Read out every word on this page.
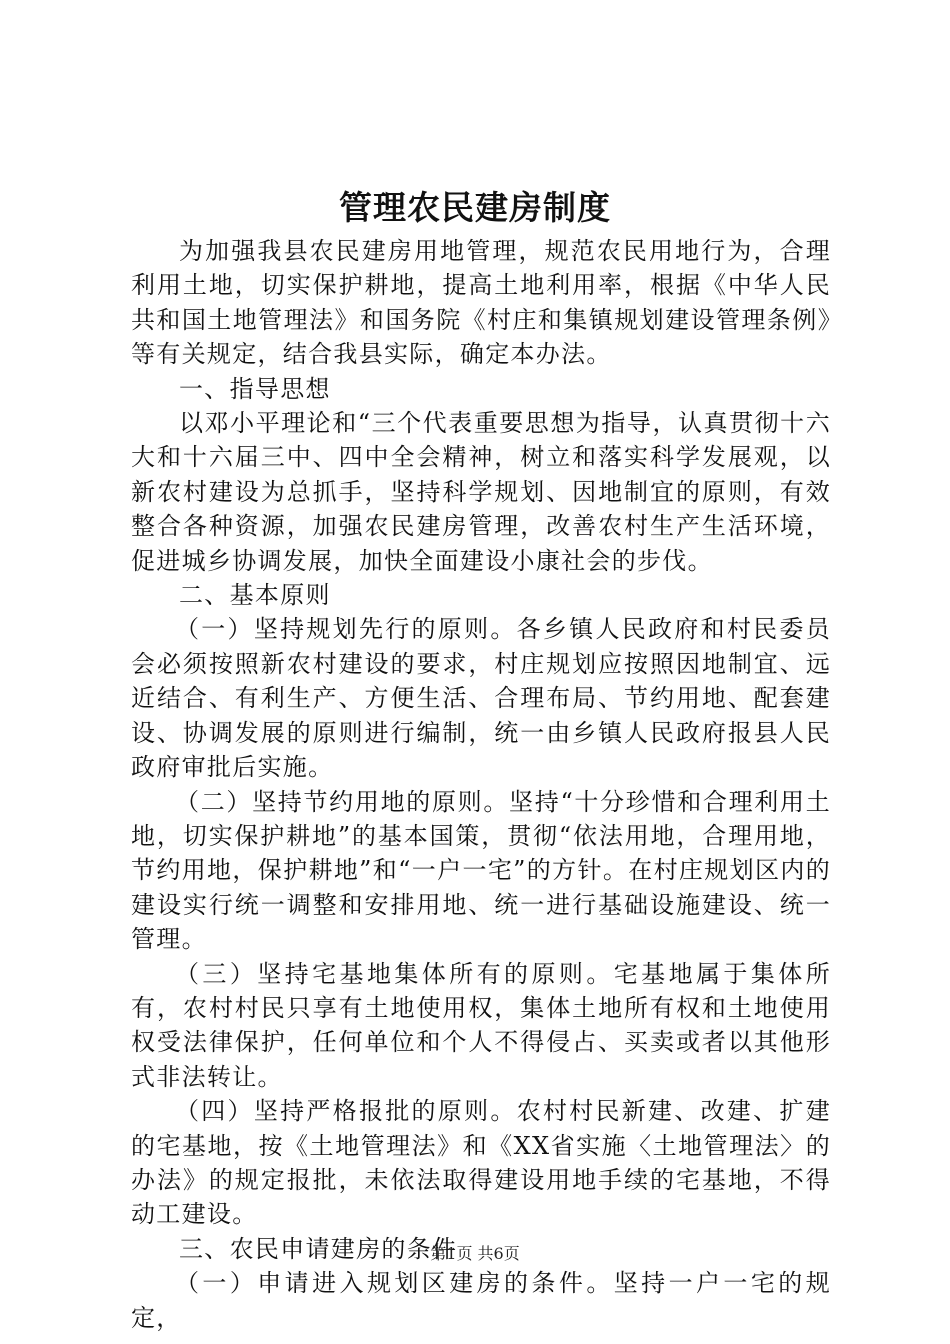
管理农民建房制度

为加强我县农民建房用地管理，规范农民用地行为，合理利用土地，切实保护耕地，提高土地利用率，根据《中华人民共和国土地管理法》和国务院《村庄和集镇规划建设管理条例》等有关规定，结合我县实际，确定本办法。

一、指导思想

以邓小平理论和“三个代表重要思想为指导，认真贯彻十六大和十六届三中、四中全会精神，树立和落实科学发展观，以新农村建设为总抓手，坚持科学规划、因地制宜的原则，有效整合各种资源，加强农民建房管理，改善农村生产生活环境，促进城乡协调发展，加快全面建设小康社会的步伐。

二、基本原则

（一）坚持规划先行的原则。各乡镇人民政府和村民委员会必须按照新农村建设的要求，村庄规划应按照因地制宜、远近结合、有利生产、方便生活、合理布局、节约用地、配套建设、协调发展的原则进行编制，统一由乡镇人民政府报县人民政府审批后实施。

（二）坚持节约用地的原则。坚持“十分珍惜和合理利用土地，切实保护耕地”的基本国策，贯彻“依法用地，合理用地，节约用地，保护耕地”和“一户一宅”的方针。在村庄规划区内的建设实行统一调整和安排用地、统一进行基础设施建设、统一管理。

（三）坚持宅基地集体所有的原则。宅基地属于集体所有，农村村民只享有土地使用权，集体土地所有权和土地使用权受法律保护，任何单位和个人不得侵占、买卖或者以其他形式非法转让。

（四）坚持严格报批的原则。农村村民新建、改建、扩建的宅基地，按《土地管理法》和《XX省实施〈土地管理法〉的办法》的规定报批，未依法取得建设用地手续的宅基地，不得动工建设。

三、农民申请建房的条件

（一）申请进入规划区建房的条件。坚持一户一宅的规定，

第1页 共6页
